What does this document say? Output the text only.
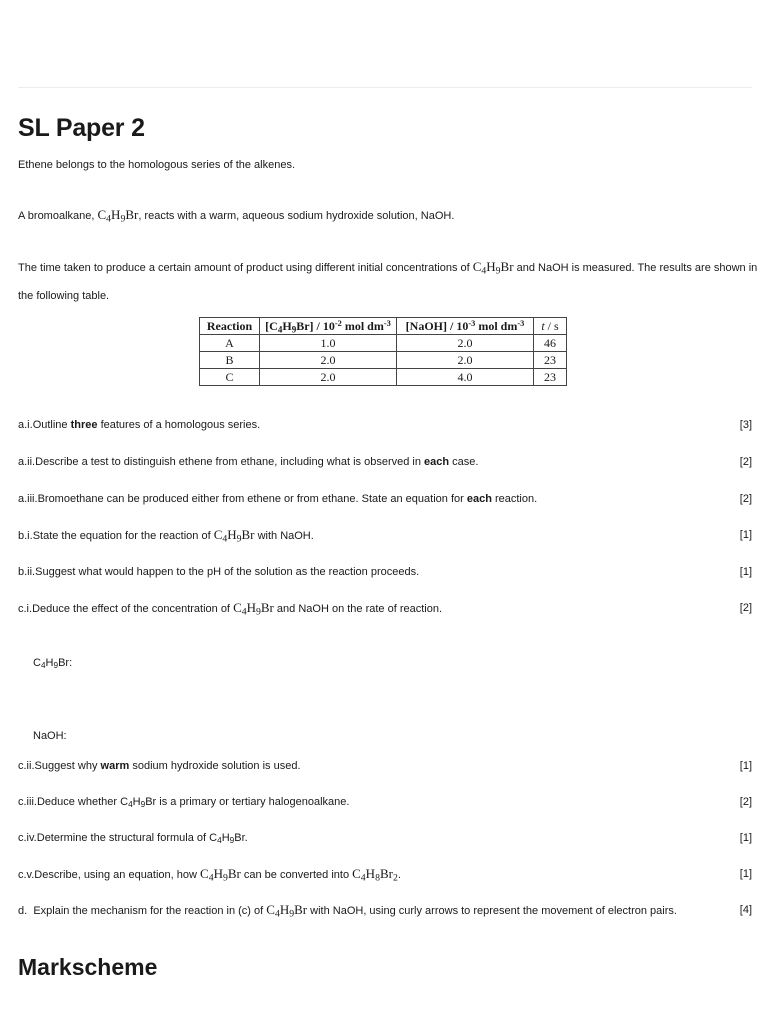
SL Paper 2
Ethene belongs to the homologous series of the alkenes.
A bromoalkane, $C_4H_9Br$, reacts with a warm, aqueous sodium hydroxide solution, NaOH.
The time taken to produce a certain amount of product using different initial concentrations of $C_4H_9Br$ and NaOH is measured. The results are shown in the following table.
Reaction	$[C_4H_9Br] / 10^{-2}$ mol $dm^{-3}$	[NaOH] / $10^{-3}$ mol $dm^{-3}$	t / s
A	1.0	2.0	46
B	2.0	2.0	23
C	2.0	4.0	23
a.i.Outline three features of a homologous series.	[3]
a.ii.Describe a test to distinguish ethene from ethane, including what is observed in each case.	[2]
a.iii.Bromoethane can be produced either from ethene or from ethane. State an equation for each reaction.	[2]
b.i.State the equation for the reaction of $C_4H_9Br$ with NaOH.	[1]
b.ii.Suggest what would happen to the pH of the solution as the reaction proceeds.	[1]
c.i.Deduce the effect of the concentration of $C_4H_9Br$ and NaOH on the rate of reaction.	[2]
$C_4H_9Br$:
NaOH:
c.ii.Suggest why warm sodium hydroxide solution is used.	[1]
c.iii.Deduce whether $C_4H_9Br$ is a primary or tertiary halogenoalkane.	[2]
c.iv.Determine the structural formula of $C_4H_9Br$.	[1]
c.v.Describe, using an equation, how $C_4H_9Br$ can be converted into $C_4H_8Br_2$.	[1]
d. Explain the mechanism for the reaction in (c) of $C_4H_9Br$ with NaOH, using curly arrows to represent the movement of electron pairs.	[4]
Markscheme
